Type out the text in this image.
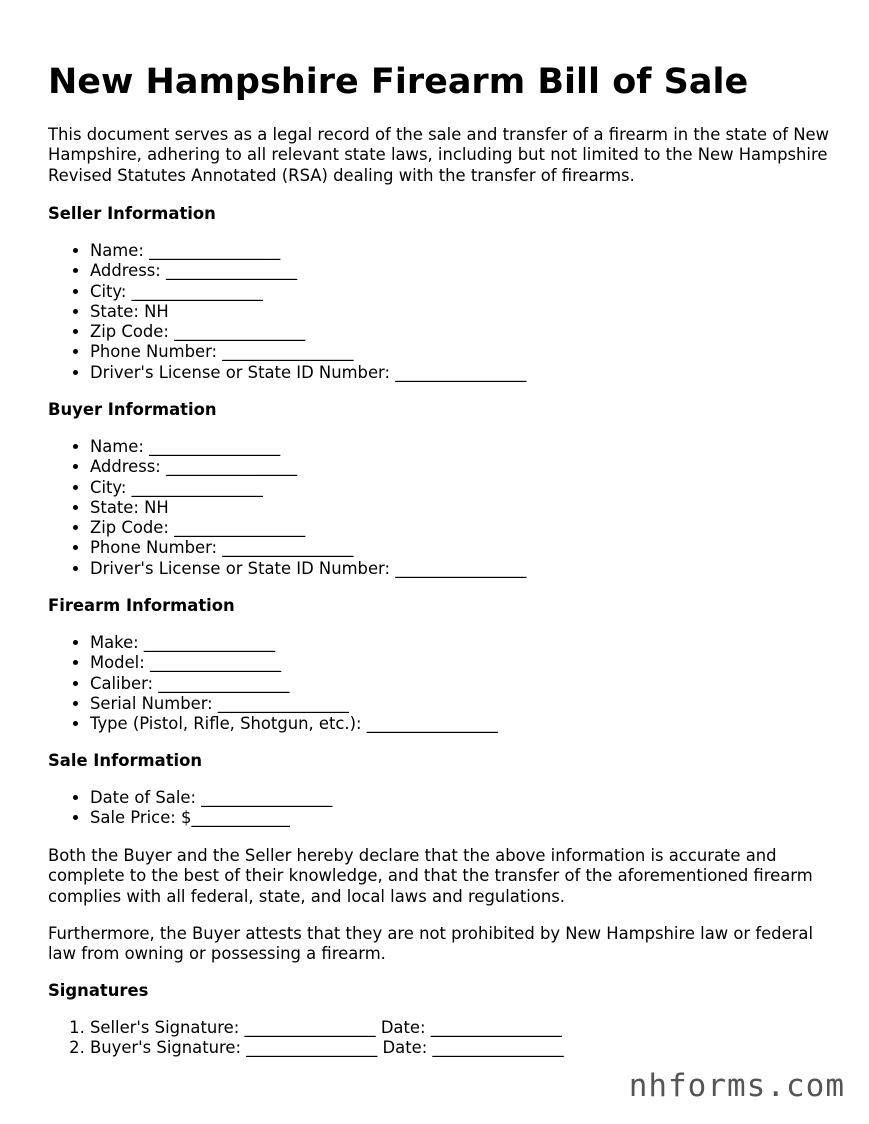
New Hampshire Firearm Bill of Sale

This document serves as a legal record of the sale and transfer of a firearm in the state of New Hampshire, adhering to all relevant state laws, including but not limited to the New Hampshire Revised Statutes Annotated (RSA) dealing with the transfer of firearms.

Seller Information

• Name: ________________
• Address: ________________
• City: ________________
• State: NH
• Zip Code: ________________
• Phone Number: ________________
• Driver's License or State ID Number: ________________

Buyer Information

• Name: ________________
• Address: ________________
• City: ________________
• State: NH
• Zip Code: ________________
• Phone Number: ________________
• Driver's License or State ID Number: ________________

Firearm Information

• Make: ________________
• Model: ________________
• Caliber: ________________
• Serial Number: ________________
• Type (Pistol, Rifle, Shotgun, etc.): ________________

Sale Information

• Date of Sale: ________________
• Sale Price: $____________

Both the Buyer and the Seller hereby declare that the above information is accurate and complete to the best of their knowledge, and that the transfer of the aforementioned firearm complies with all federal, state, and local laws and regulations.

Furthermore, the Buyer attests that they are not prohibited by New Hampshire law or federal law from owning or possessing a firearm.

Signatures

1. Seller's Signature: ________________ Date: ________________
2. Buyer's Signature: ________________ Date: ________________
nhforms.com
